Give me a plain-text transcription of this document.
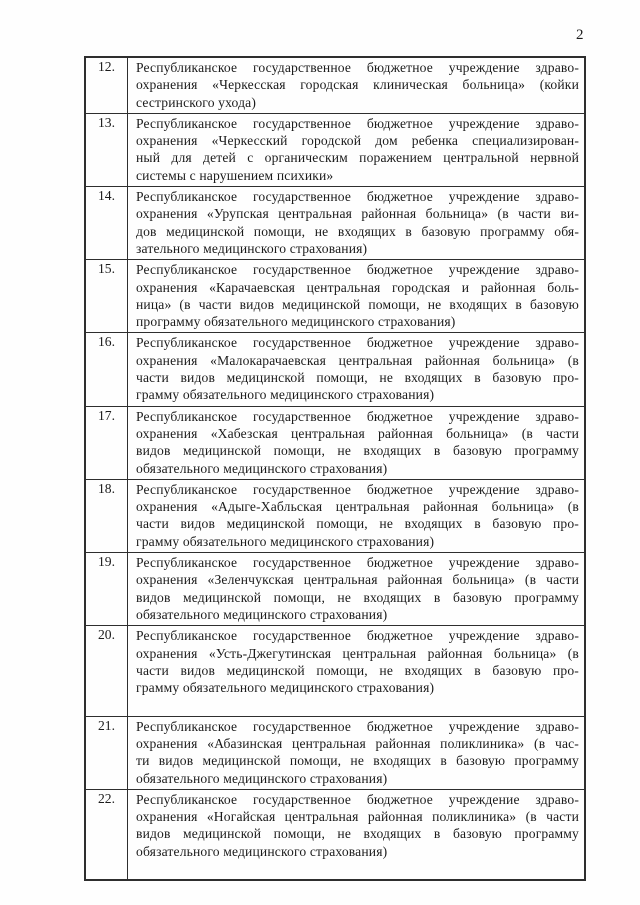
2
12.	Республиканское государственное бюджетное учреждение здраво-
охранения «Черкесская городская клиническая больница» (койки
сестринского ухода)
13.	Республиканское государственное бюджетное учреждение здраво-
охранения «Черкесский городской дом ребенка специализирован-
ный для детей с органическим поражением центральной нервной
системы с нарушением психики»
14.	Республиканское государственное бюджетное учреждение здраво-
охранения «Урупская центральная районная больница» (в части ви-
дов медицинской помощи, не входящих в базовую программу обя-
зательного медицинского страхования)
15.	Республиканское государственное бюджетное учреждение здраво-
охранения «Карачаевская центральная городская и районная боль-
ница» (в части видов медицинской помощи, не входящих в базовую
программу обязательного медицинского страхования)
16.	Республиканское государственное бюджетное учреждение здраво-
охранения «Малокарачаевская центральная районная больница» (в
части видов медицинской помощи, не входящих в базовую про-
грамму обязательного медицинского страхования)
17.	Республиканское государственное бюджетное учреждение здраво-
охранения «Хабезская центральная районная больница» (в части
видов медицинской помощи, не входящих в базовую программу
обязательного медицинского страхования)
18.	Республиканское государственное бюджетное учреждение здраво-
охранения «Адыге-Хабльская центральная районная больница» (в
части видов медицинской помощи, не входящих в базовую про-
грамму обязательного медицинского страхования)
19.	Республиканское государственное бюджетное учреждение здраво-
охранения «Зеленчукская центральная районная больница» (в части
видов медицинской помощи, не входящих в базовую программу
обязательного медицинского страхования)
20.	Республиканское государственное бюджетное учреждение здраво-
охранения «Усть-Джегутинская центральная районная больница» (в
части видов медицинской помощи, не входящих в базовую про-
грамму обязательного медицинского страхования)

21.	Республиканское государственное бюджетное учреждение здраво-
охранения «Абазинская центральная районная поликлиника» (в час-
ти видов медицинской помощи, не входящих в базовую программу
обязательного медицинского страхования)
22.	Республиканское государственное бюджетное учреждение здраво-
охранения «Ногайская центральная районная поликлиника» (в части
видов медицинской помощи, не входящих в базовую программу
обязательного медицинского страхования)
